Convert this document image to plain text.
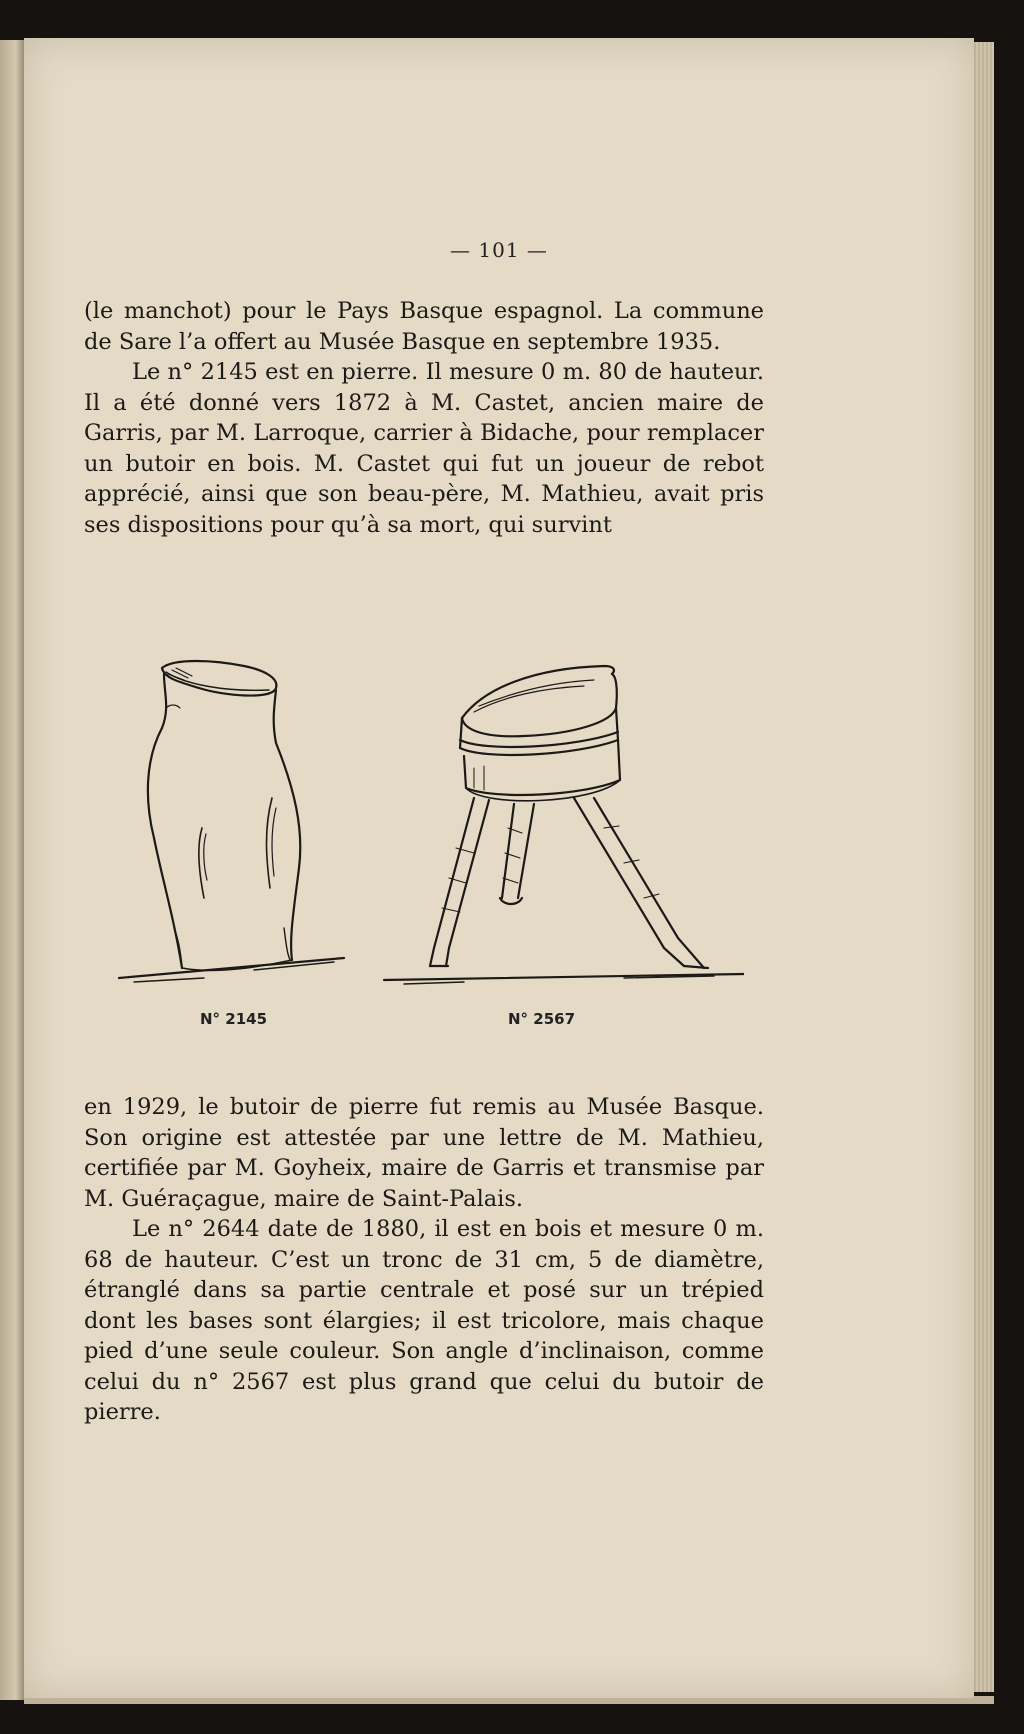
— 101 —

(le manchot) pour le Pays Basque espagnol. La commune de Sare l’a offert au Musée Basque en septembre 1935.

Le n° 2145 est en pierre. Il mesure 0 m. 80 de hauteur. Il a été donné vers 1872 à M. Castet, ancien maire de Garris, par M. Larroque, carrier à Bidache, pour remplacer un butoir en bois. M. Castet qui fut un joueur de rebot apprécié, ainsi que son beau-père, M. Mathieu, avait pris ses dispositions pour qu’à sa mort, qui survint

N° 2145	N° 2567

en 1929, le butoir de pierre fut remis au Musée Basque. Son origine est attestée par une lettre de M. Mathieu, certifiée par M. Goyheix, maire de Garris et transmise par M. Guéraçague, maire de Saint-Palais.

Le n° 2644 date de 1880, il est en bois et mesure 0 m. 68 de hauteur. C’est un tronc de 31 cm, 5 de diamètre, étranglé dans sa partie centrale et posé sur un trépied dont les bases sont élargies; il est tricolore, mais chaque pied d’une seule couleur. Son angle d’inclinaison, comme celui du n° 2567 est plus grand que celui du butoir de pierre.
